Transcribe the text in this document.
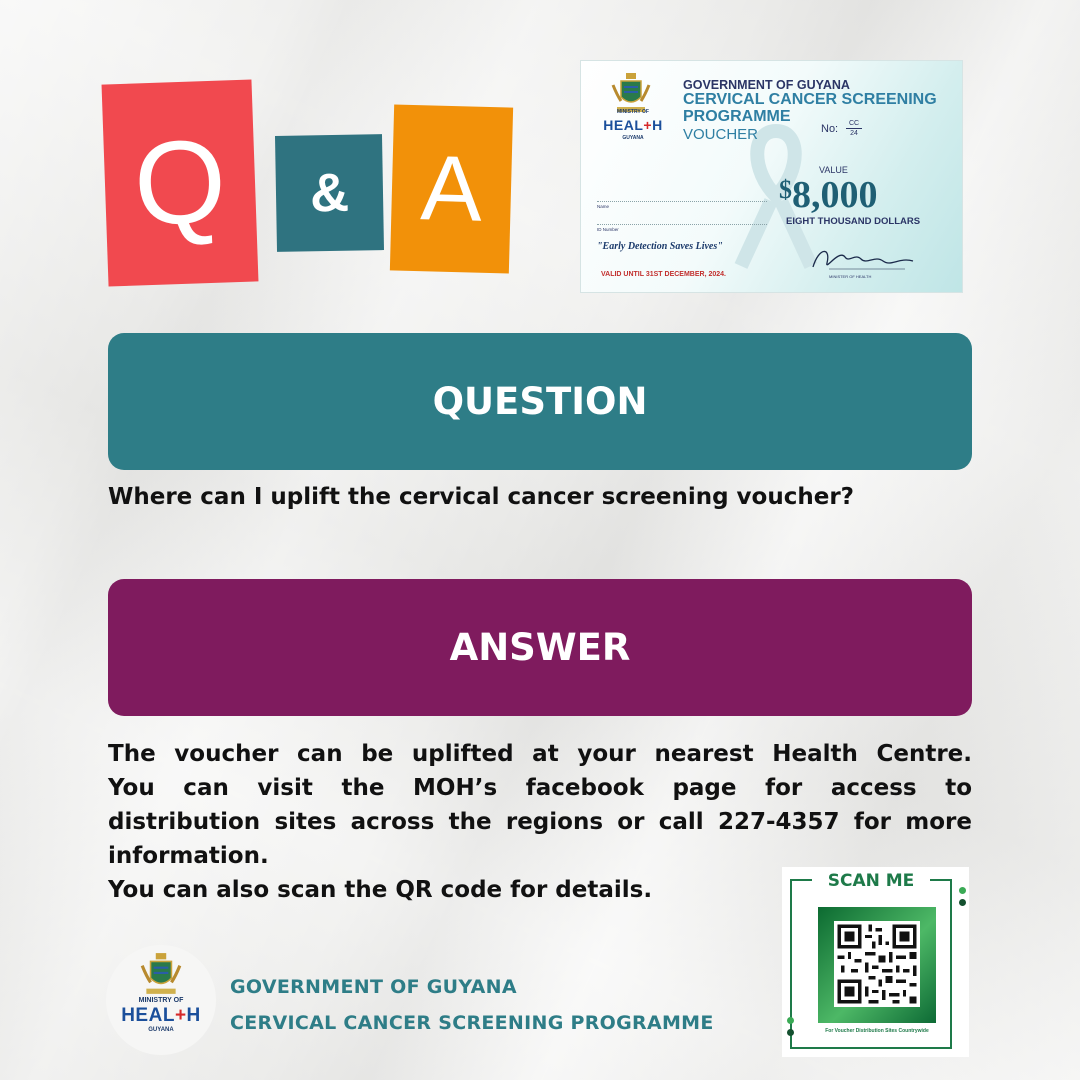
Q & A
MINISTRY OF
HEAL+H
GUYANA
GOVERNMENT OF GUYANA
CERVICAL CANCER SCREENING
PROGRAMME
VOUCHER	No: $\frac{CC}{24}$
VALUE
$8,000
EIGHT THOUSAND DOLLARS
Name
ID Number
"Early Detection Saves Lives"
VALID UNTIL 31ST DECEMBER, 2024.	MINISTER OF HEALTH
QUESTION
Where can I uplift the cervical cancer screening voucher?
ANSWER

The voucher can be uplifted at your nearest Health Centre.

You can visit the MOH’s facebook page for access to

distribution sites across the regions or call 227-4357 for more

information.

You can also scan the QR code for details.

MINISTRY OF
HEAL+H
GUYANA
GOVERNMENT OF GUYANA
CERVICAL CANCER SCREENING PROGRAMME
SCAN ME
For Voucher Distribution Sites Countrywide
